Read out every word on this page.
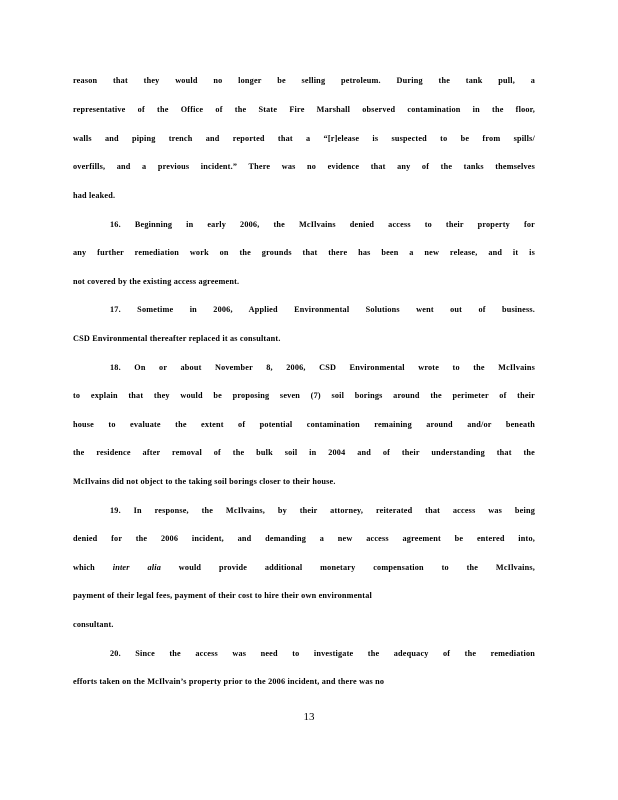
reason that they would no longer be selling petroleum. During the tank pull, a
representative of the Office of the State Fire Marshall observed contamination in the floor,
walls and piping trench and reported that a “[r]elease is suspected to be from spills/
overfills, and a previous incident.” There was no evidence that any of the tanks themselves
had leaked.
16. Beginning in early 2006, the McIlvains denied access to their property for
any further remediation work on the grounds that there has been a new release, and it is
not covered by the existing access agreement.
17. Sometime in 2006, Applied Environmental Solutions went out of business.
CSD Environmental thereafter replaced it as consultant.
18. On or about November 8, 2006, CSD Environmental wrote to the McIlvains
to explain that they would be proposing seven (7) soil borings around the perimeter of their
house to evaluate the extent of potential contamination remaining around and/or beneath
the residence after removal of the bulk soil in 2004 and of their understanding that the
McIlvains did not object to the taking soil borings closer to their house.
19. In response, the McIlvains, by their attorney, reiterated that access was being
denied for the 2006 incident, and demanding a new access agreement be entered into,
which inter alia would provide additional monetary compensation to the McIlvains,
payment of their legal fees, payment of their cost to hire their own environmental
consultant.
20. Since the access was need to investigate the adequacy of the remediation
efforts taken on the McIlvain’s property prior to the 2006 incident, and there was no
13
